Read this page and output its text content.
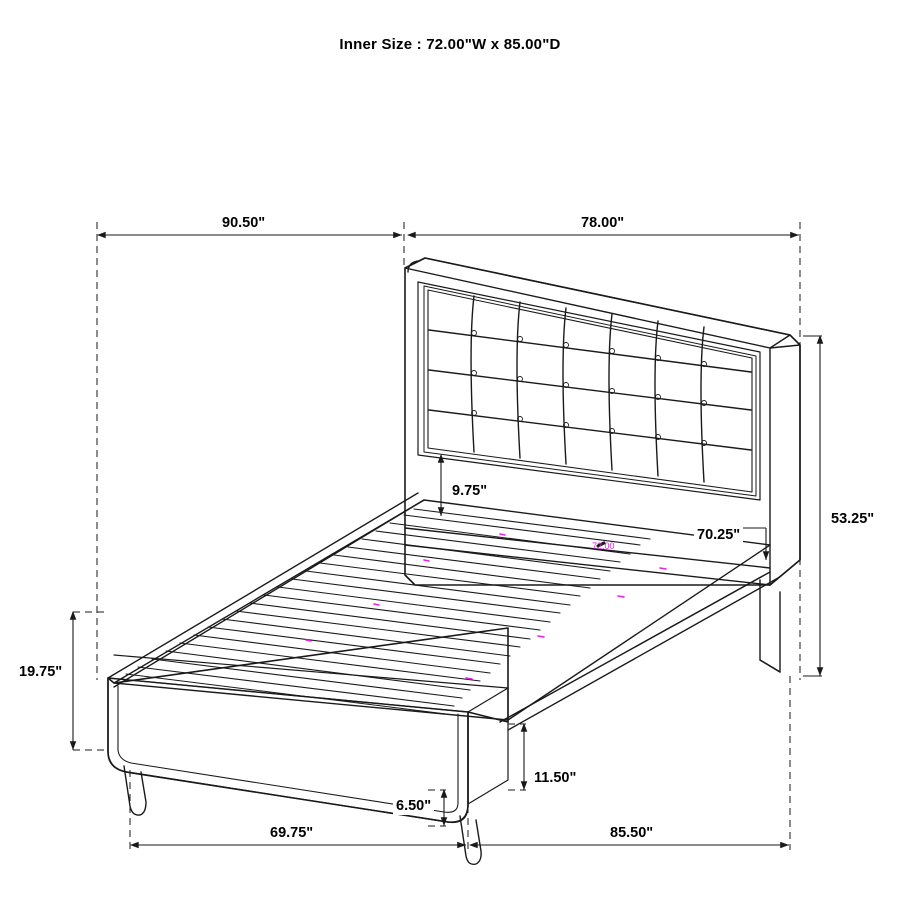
Inner Size : 72.00"W x 85.00"D
72.00
90.50"	78.00"
53.25"
9.75"
70.25"
19.75"
11.50"
6.50"
69.75"	85.50"
